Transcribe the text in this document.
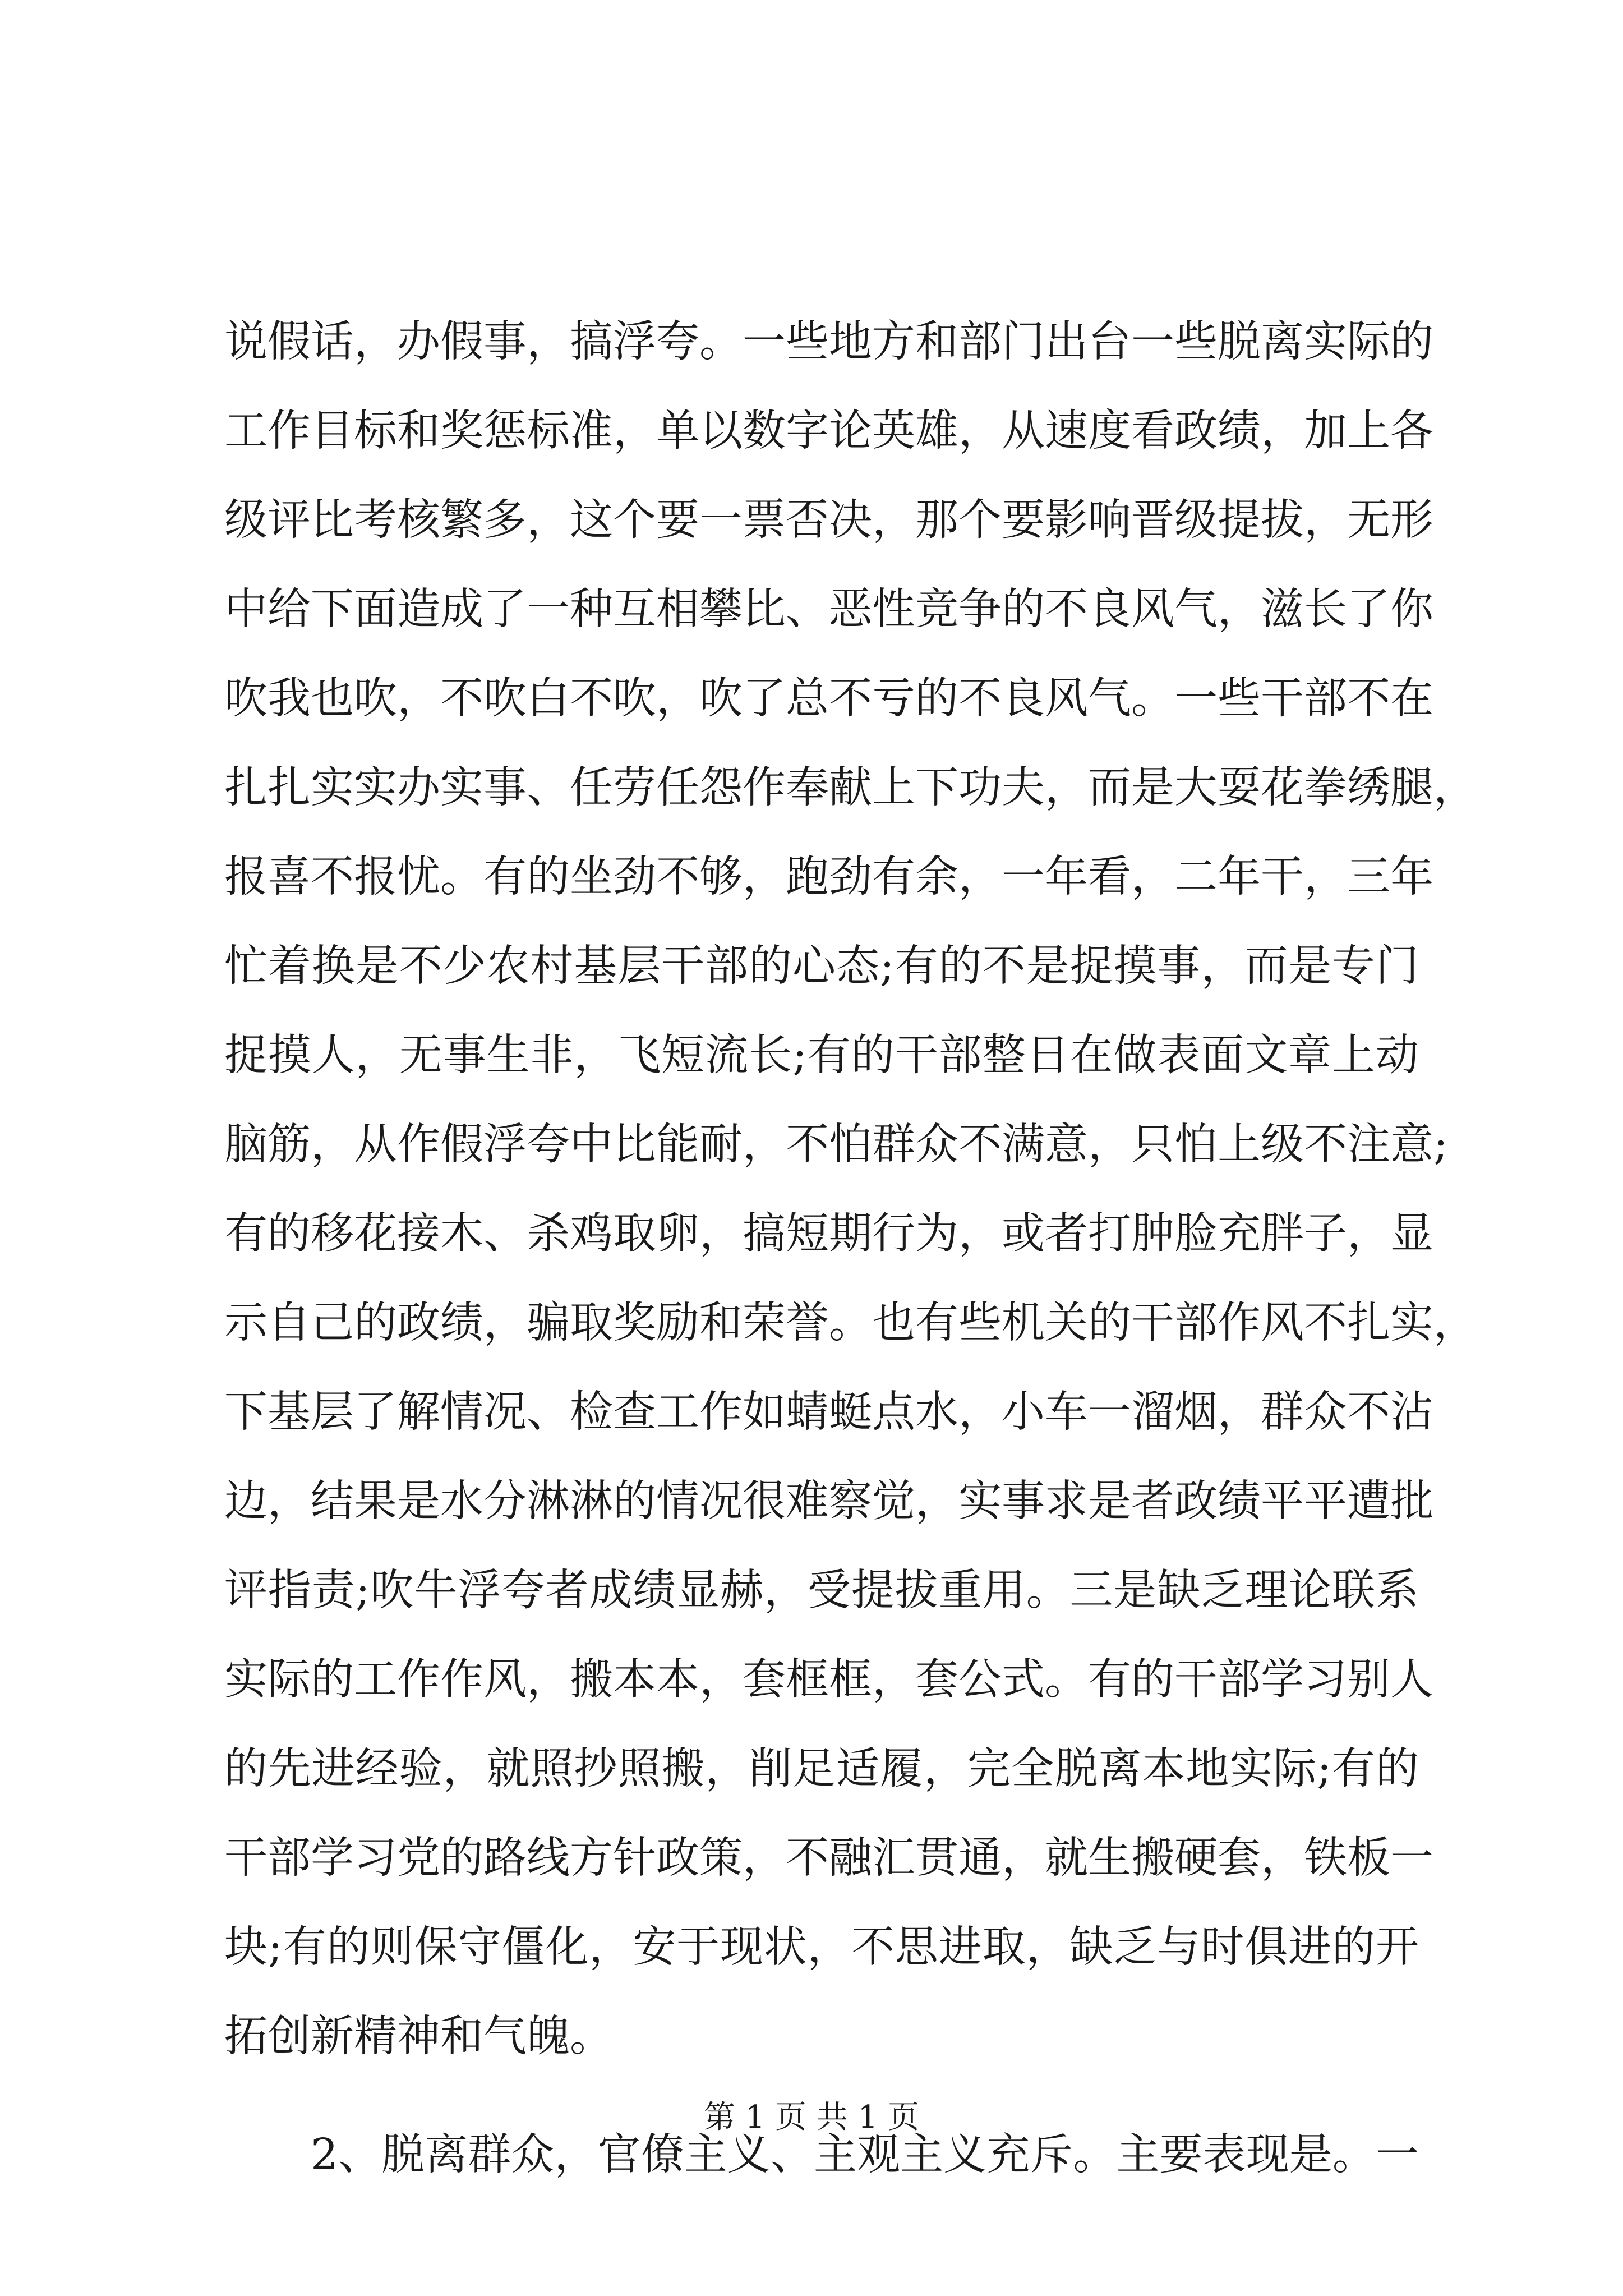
说假话，办假事，搞浮夸。一些地方和部门出台一些脱离实际的
工作目标和奖惩标准，单以数字论英雄，从速度看政绩，加上各
级评比考核繁多，这个要一票否决，那个要影响晋级提拔，无形
中给下面造成了一种互相攀比、恶性竞争的不良风气，滋长了你
吹我也吹，不吹白不吹，吹了总不亏的不良风气。一些干部不在
扎扎实实办实事、任劳任怨作奉献上下功夫，而是大耍花拳绣腿，
报喜不报忧。有的坐劲不够，跑劲有余，一年看，二年干，三年
忙着换是不少农村基层干部的心态;有的不是捉摸事，而是专门
捉摸人，无事生非，飞短流长;有的干部整日在做表面文章上动
脑筋，从作假浮夸中比能耐，不怕群众不满意，只怕上级不注意;
有的移花接木、杀鸡取卵，搞短期行为，或者打肿脸充胖子，显
示自己的政绩，骗取奖励和荣誉。也有些机关的干部作风不扎实，
下基层了解情况、检查工作如蜻蜓点水，小车一溜烟，群众不沾
边，结果是水分淋淋的情况很难察觉，实事求是者政绩平平遭批
评指责;吹牛浮夸者成绩显赫，受提拔重用。三是缺乏理论联系
实际的工作作风，搬本本，套框框，套公式。有的干部学习别人
的先进经验，就照抄照搬，削足适履，完全脱离本地实际;有的
干部学习党的路线方针政策，不融汇贯通，就生搬硬套，铁板一
块;有的则保守僵化，安于现状，不思进取，缺乏与时俱进的开
拓创新精神和气魄。
2、脱离群众，官僚主义、主观主义充斥。主要表现是。一
第 1 页 共 1 页
